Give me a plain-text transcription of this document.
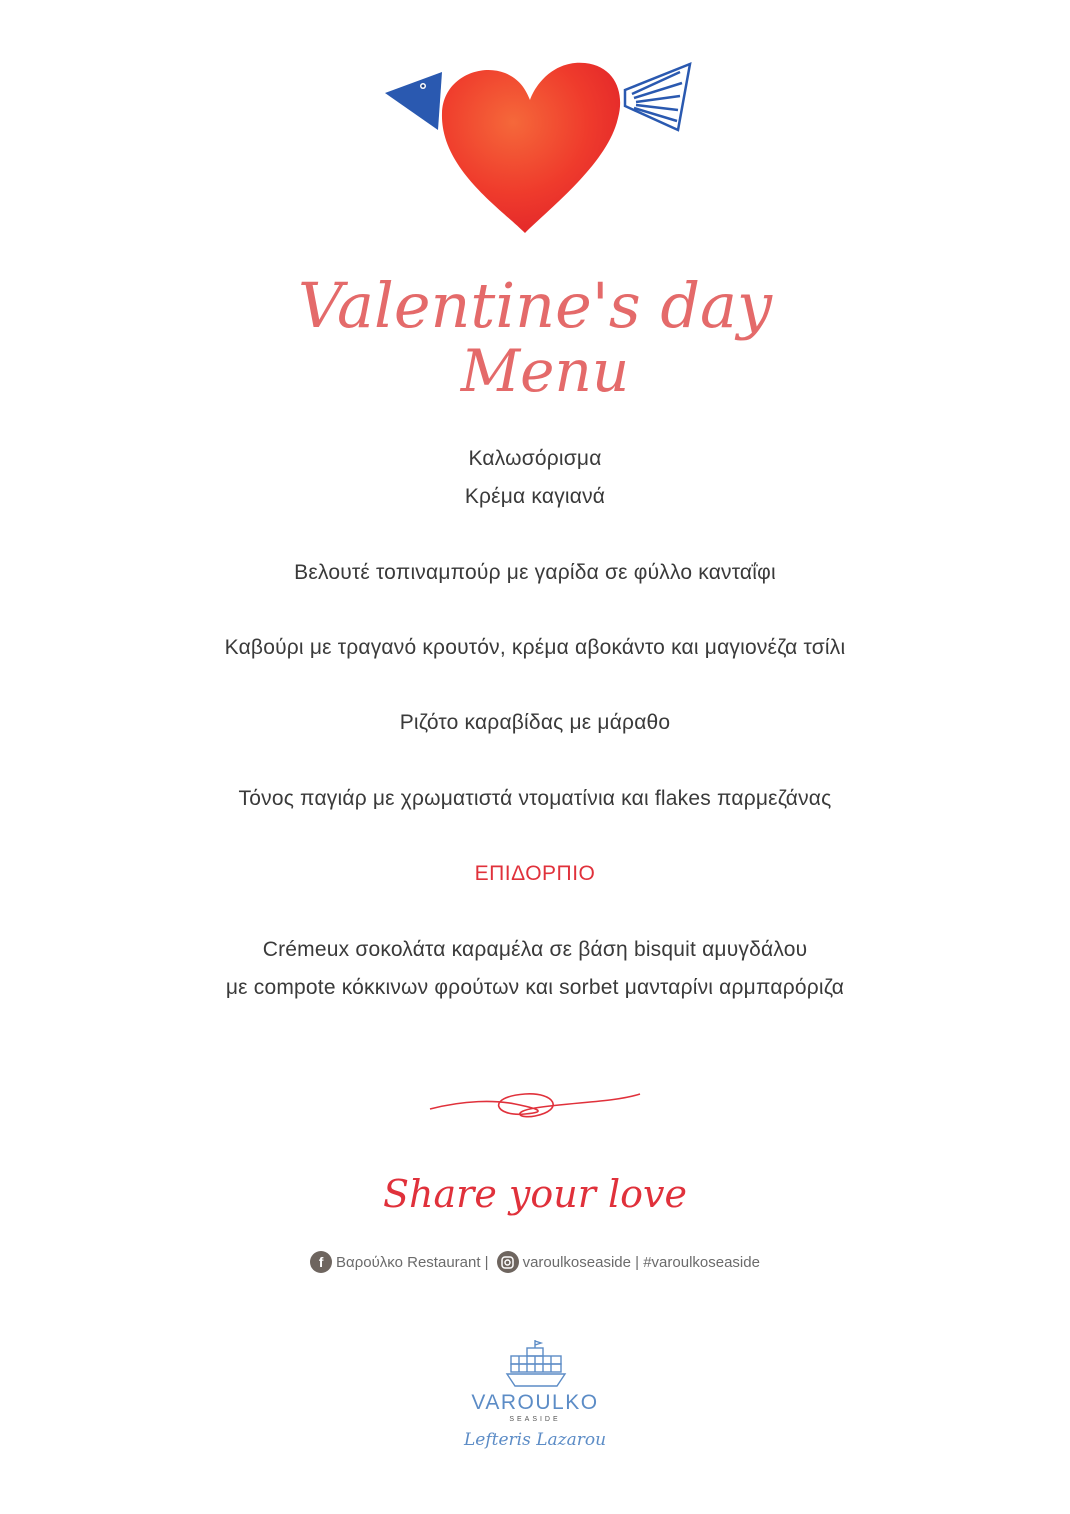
Valentine's day
Menu
Καλωσόρισμα
Κρέμα καγιανά
Βελουτέ τοπιναμπούρ με γαρίδα σε φύλλο κανταΐφι
Καβούρι με τραγανό κρουτόν, κρέμα αβοκάντο και μαγιονέζα τσίλι
Ριζότο καραβίδας με μάραθο
Τόνος παγιάρ με χρωματιστά ντοματίνια και flakes παρμεζάνας
ΕΠΙΔΟΡΠΙΟ
Crémeux σοκολάτα καραμέλα σε βάση bisquit αμυγδάλου
με compote κόκκινων φρούτων και sorbet μανταρίνι αρμπαρόριζα
Share your love
f Βαρούλκο Restaurant | varoulkoseaside | #varoulkoseaside
VAROULKO
SEASIDE
Lefteris Lazarou
